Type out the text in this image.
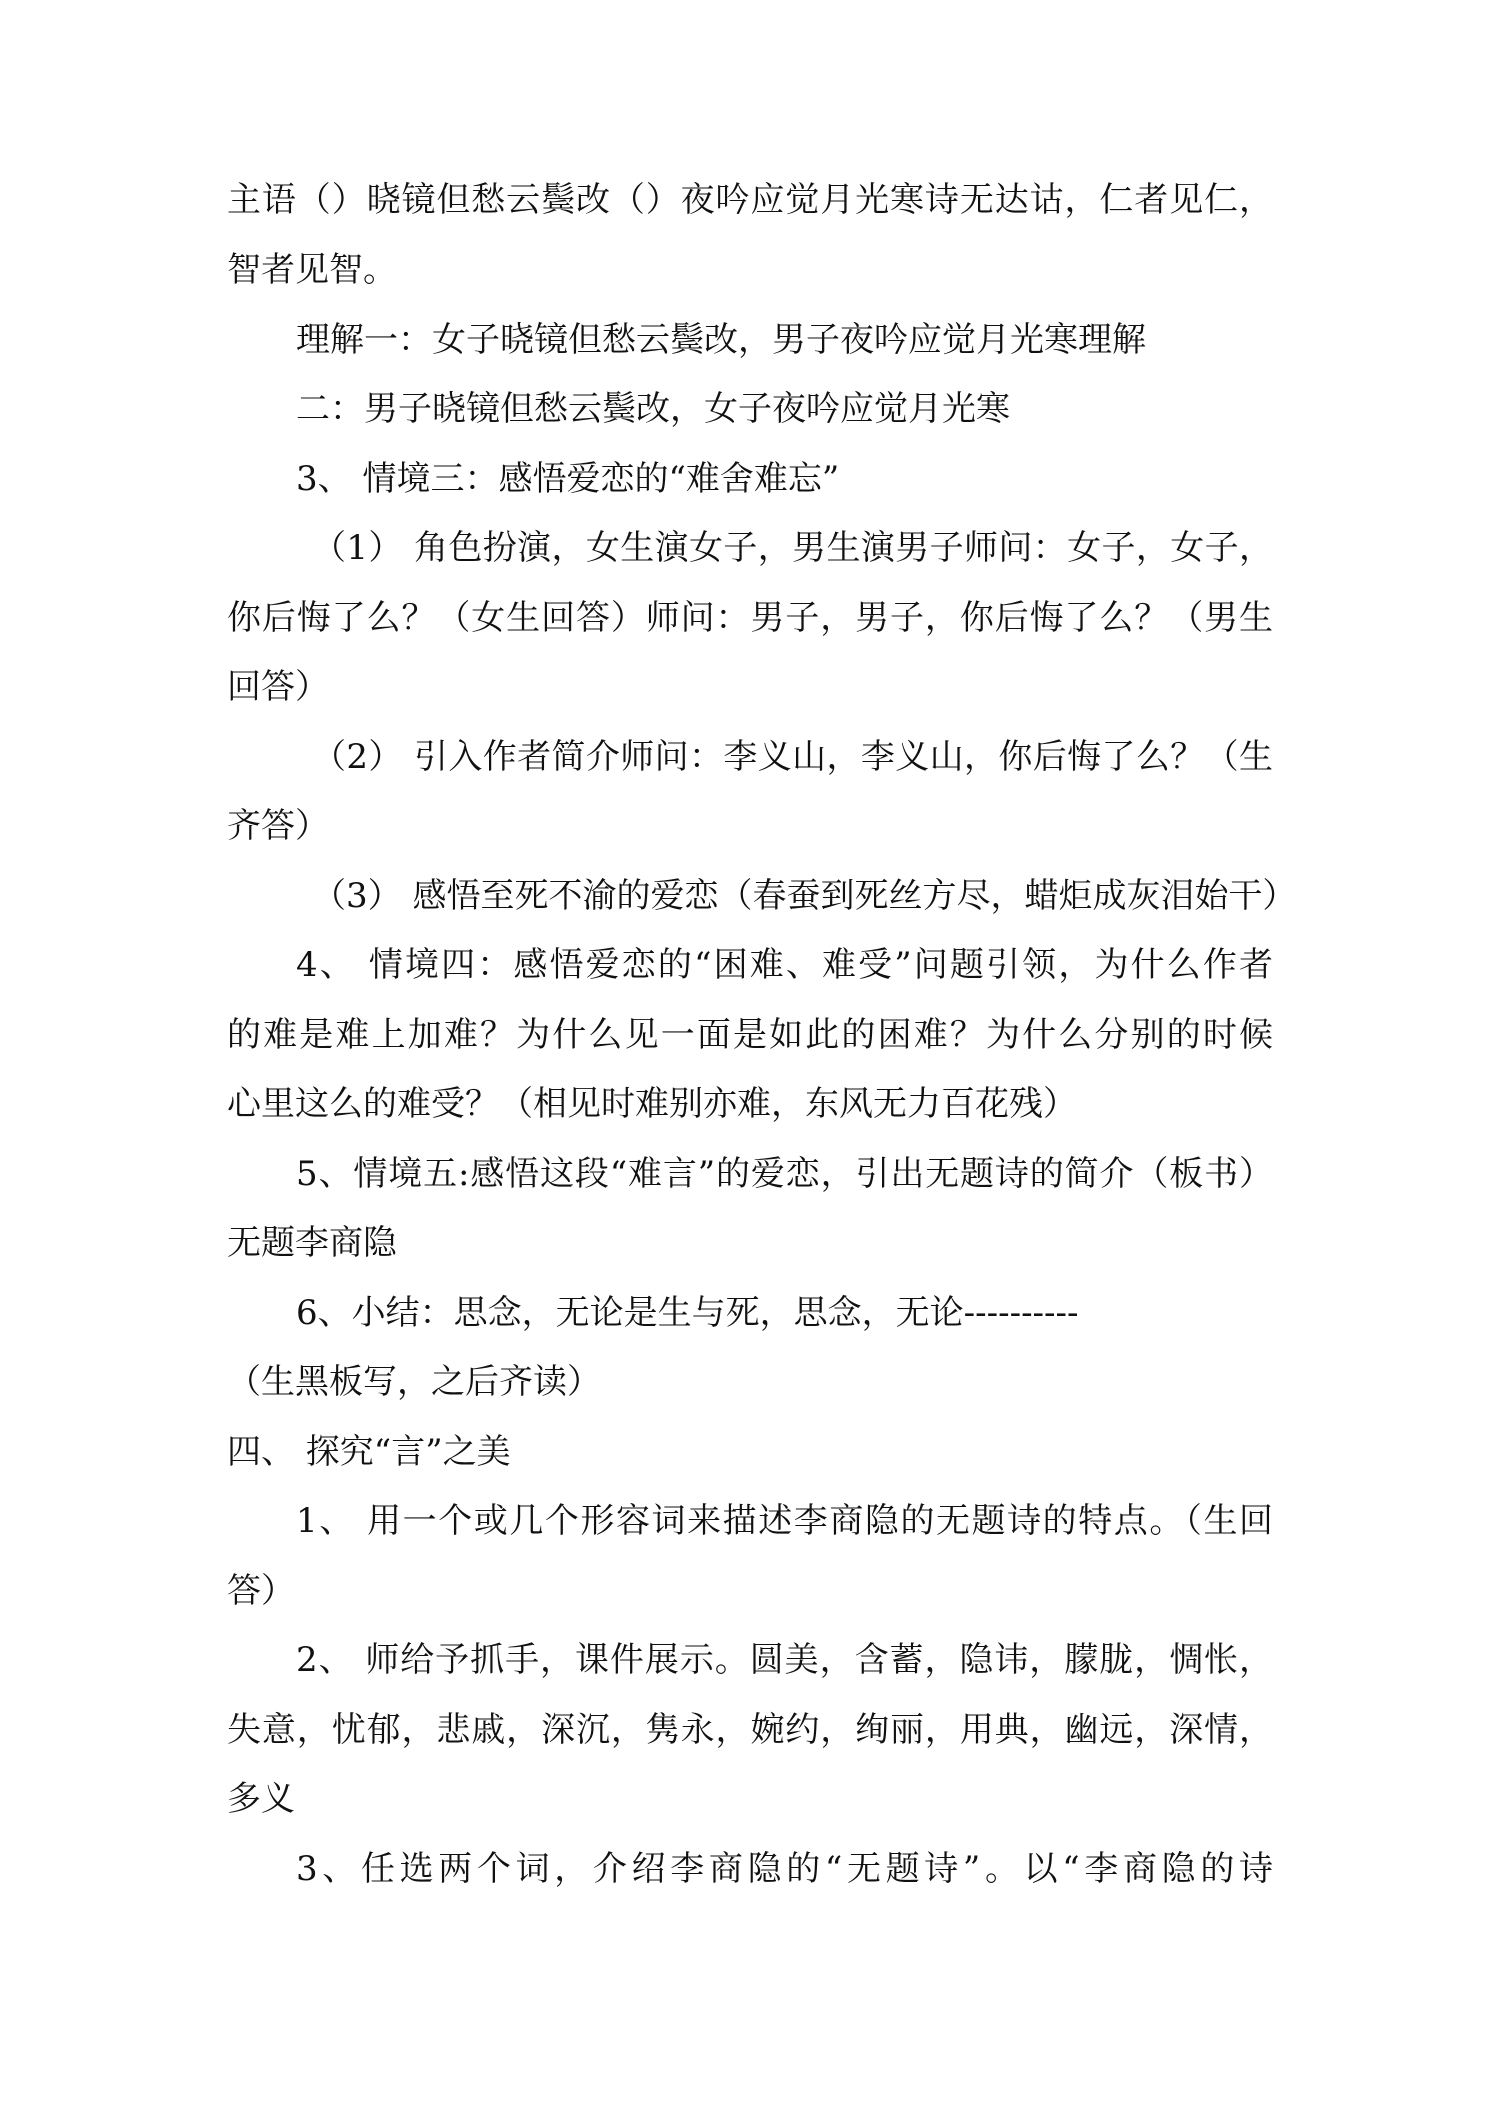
主语（）晓镜但愁云鬓改（）夜吟应觉月光寒诗无达诂，仁者见仁，
智者见智。
理解一：女子晓镜但愁云鬓改，男子夜吟应觉月光寒理解
二：男子晓镜但愁云鬓改，女子夜吟应觉月光寒
3、 情境三：感悟爱恋的“难舍难忘”
（1） 角色扮演，女生演女子，男生演男子师问：女子，女子，
你后悔了么？（女生回答）师问：男子，男子，你后悔了么？（男生
回答）
（2） 引入作者简介师问：李义山，李义山，你后悔了么？（生
齐答）
（3） 感悟至死不渝的爱恋（春蚕到死丝方尽，蜡炬成灰泪始干）
4、 情境四：感悟爱恋的“困难、难受”问题引领，为什么作者
的难是难上加难？为什么见一面是如此的困难？为什么分别的时候
心里这么的难受？（相见时难别亦难，东风无力百花残）
5、情境五:感悟这段“难言”的爱恋，引出无题诗的简介（板书）
无题李商隐
6、小结：思念，无论是生与死，思念，无论----------
（生黑板写，之后齐读）
四、 探究“言”之美
1、 用一个或几个形容词来描述李商隐的无题诗的特点。（生回
答）
2、 师给予抓手，课件展示。圆美，含蓄，隐讳，朦胧，惆怅，
失意，忧郁，悲戚，深沉，隽永，婉约，绚丽，用典，幽远，深情，
多义
3、任选两个词，介绍李商隐的“无题诗”。以“李商隐的诗
